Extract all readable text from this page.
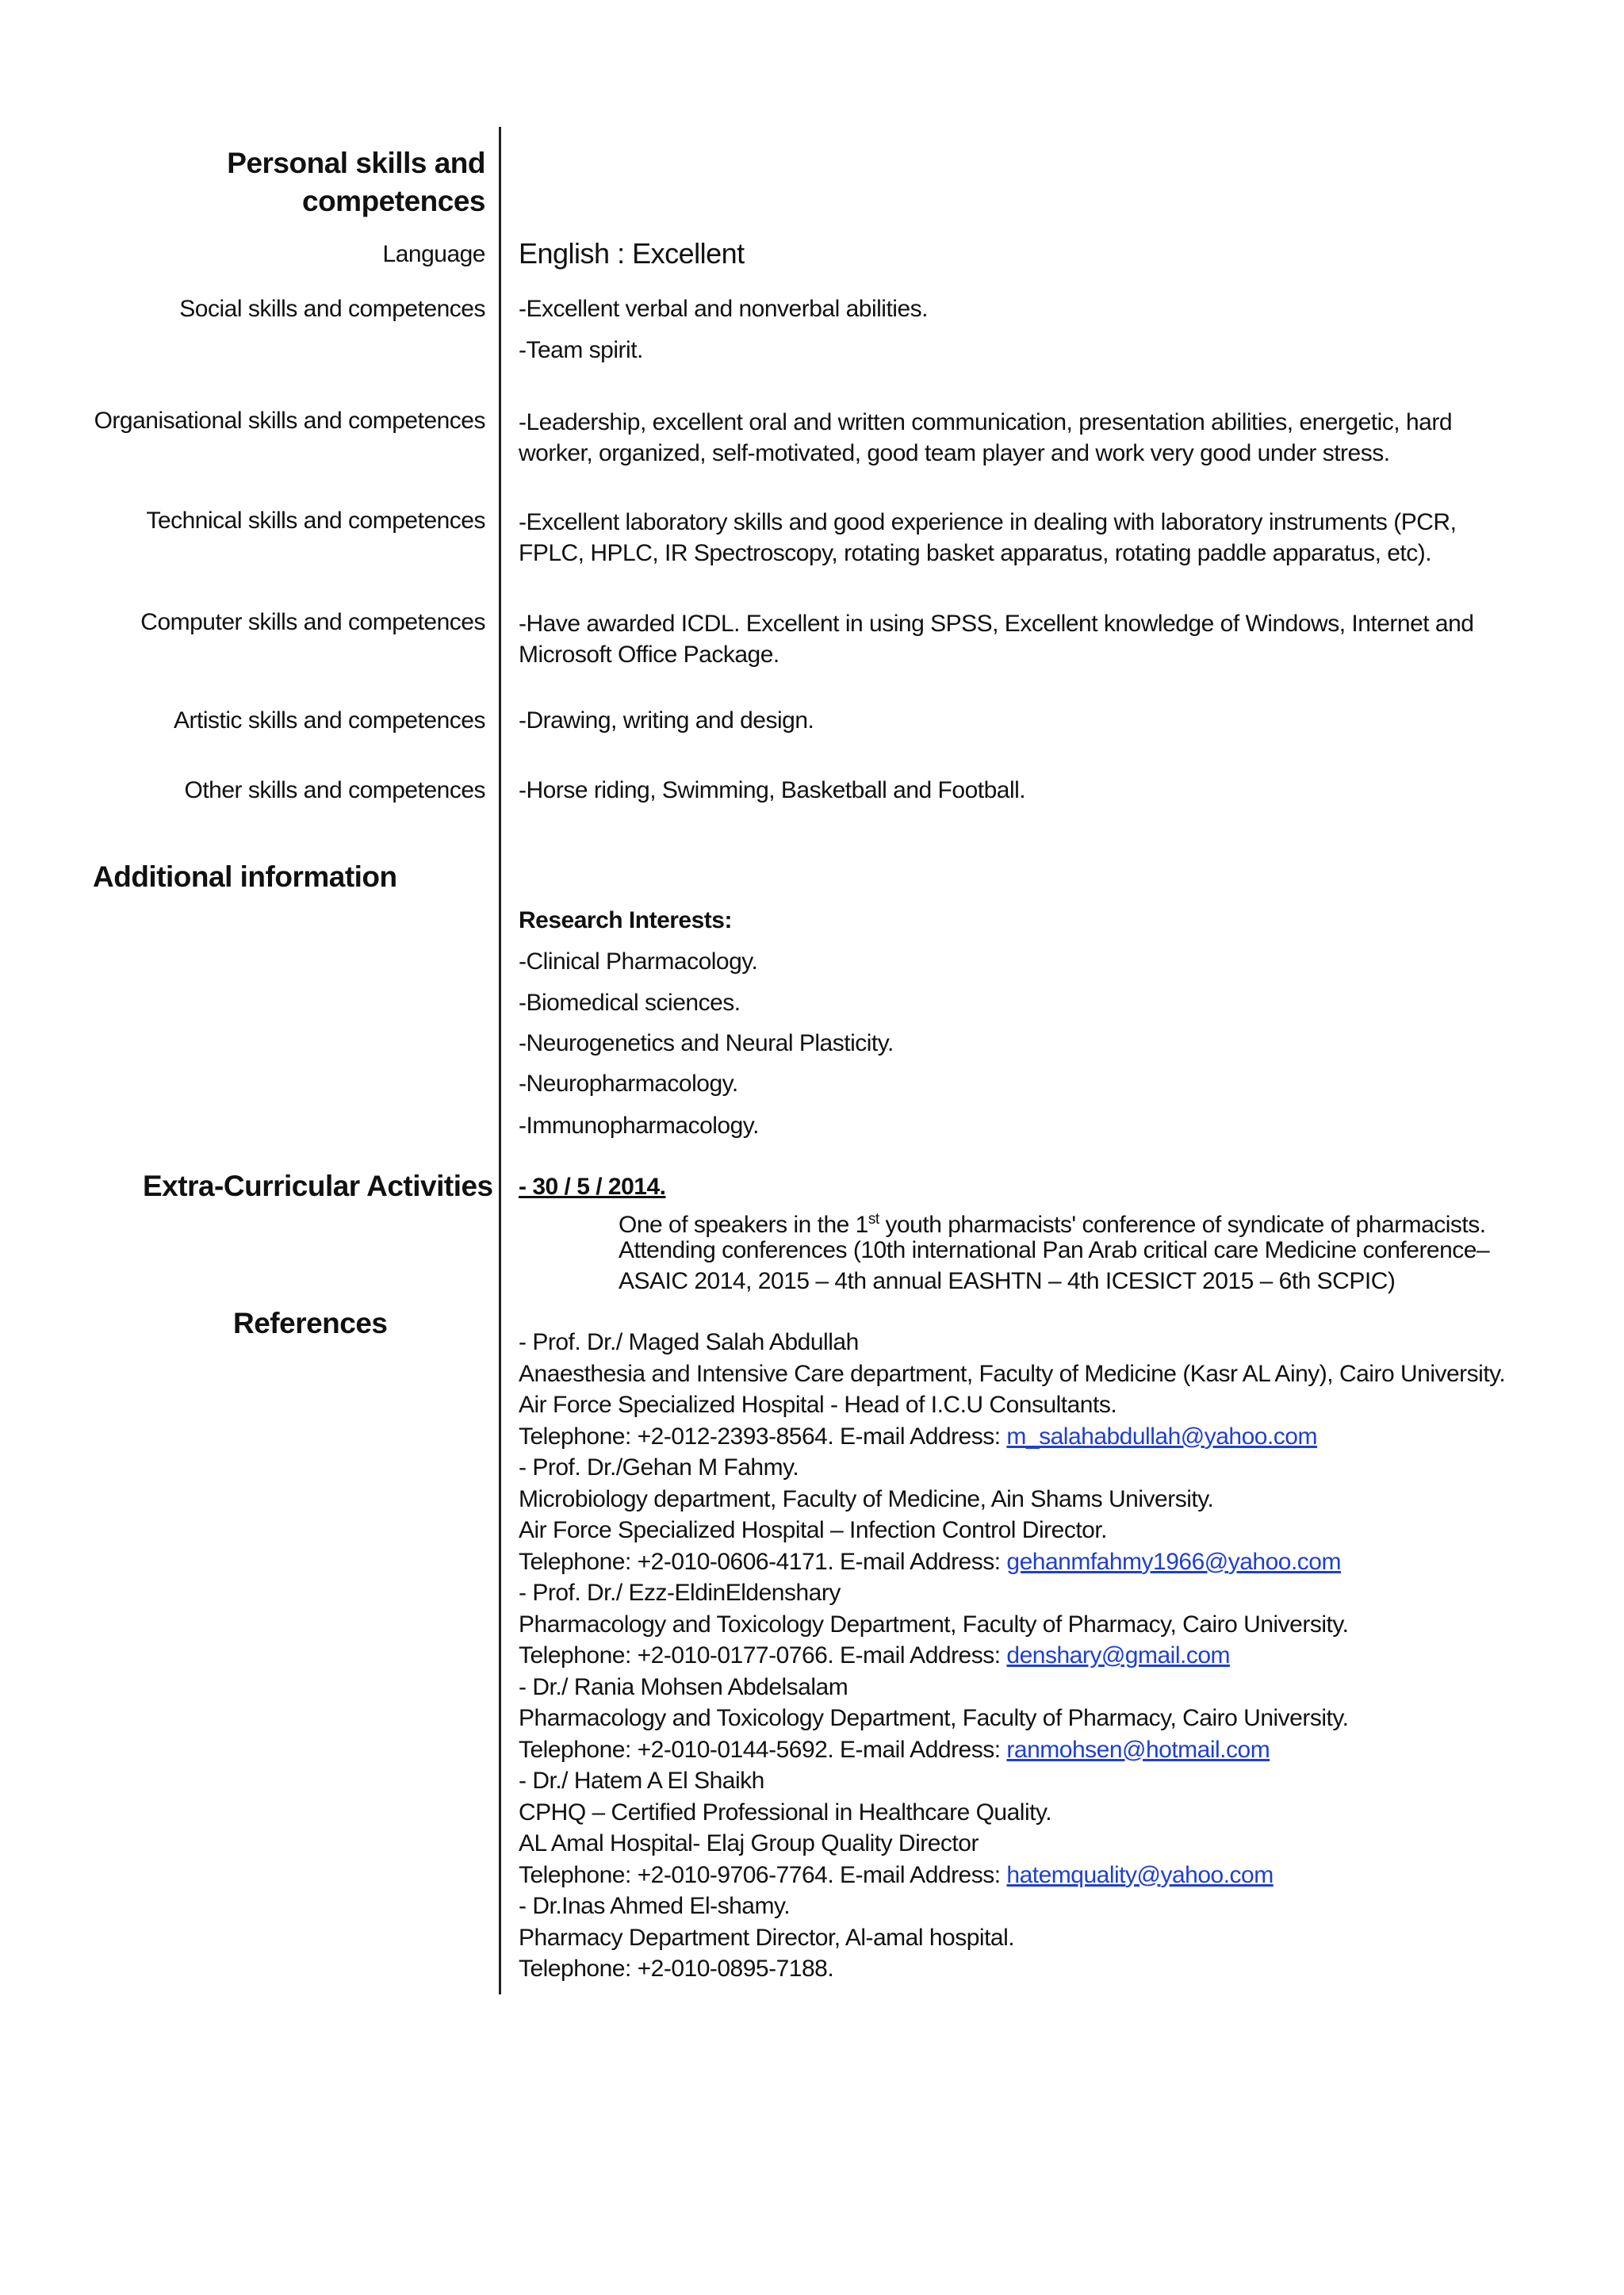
Personal skills and competences
Language English : Excellent
Social skills and competences -Excellent verbal and nonverbal abilities.
-Team spirit.
Organisational skills and competences -Leadership, excellent oral and written communication, presentation abilities, energetic, hard worker, organized, self-motivated, good team player and work very good under stress.
Technical skills and competences -Excellent laboratory skills and good experience in dealing with laboratory instruments (PCR, FPLC, HPLC, IR Spectroscopy, rotating basket apparatus, rotating paddle apparatus, etc).
Computer skills and competences -Have awarded ICDL. Excellent in using SPSS, Excellent knowledge of Windows, Internet and Microsoft Office Package.
Artistic skills and competences -Drawing, writing and design.
Other skills and competences -Horse riding, Swimming, Basketball and Football.
Additional information
Research Interests:
-Clinical Pharmacology.
-Biomedical sciences.
-Neurogenetics and Neural Plasticity.
-Neuropharmacology.
-Immunopharmacology.
Extra-Curricular Activities - 30 / 5 / 2014.
One of speakers in the 1st youth pharmacists' conference of syndicate of pharmacists.
Attending conferences (10th international Pan Arab critical care Medicine conference–
ASAIC 2014, 2015 – 4th annual EASHTN – 4th ICESICT 2015 – 6th SCPIC)
References
- Prof. Dr./ Maged Salah Abdullah
Anaesthesia and Intensive Care department, Faculty of Medicine (Kasr AL Ainy), Cairo University.
Air Force Specialized Hospital - Head of I.C.U Consultants.
Telephone: +2-012-2393-8564. E-mail Address: m_salahabdullah@yahoo.com
- Prof. Dr./Gehan M Fahmy.
Microbiology department, Faculty of Medicine, Ain Shams University.
Air Force Specialized Hospital – Infection Control Director.
Telephone: +2-010-0606-4171. E-mail Address: gehanmfahmy1966@yahoo.com
- Prof. Dr./ Ezz-EldinEldenshary
Pharmacology and Toxicology Department, Faculty of Pharmacy, Cairo University.
Telephone: +2-010-0177-0766. E-mail Address: denshary@gmail.com
- Dr./ Rania Mohsen Abdelsalam
Pharmacology and Toxicology Department, Faculty of Pharmacy, Cairo University.
Telephone: +2-010-0144-5692. E-mail Address: ranmohsen@hotmail.com
- Dr./ Hatem A El Shaikh
CPHQ – Certified Professional in Healthcare Quality.
AL Amal Hospital- Elaj Group Quality Director
Telephone: +2-010-9706-7764. E-mail Address: hatemquality@yahoo.com
- Dr.Inas Ahmed El-shamy.
Pharmacy Department Director, Al-amal hospital.
Telephone: +2-010-0895-7188.
